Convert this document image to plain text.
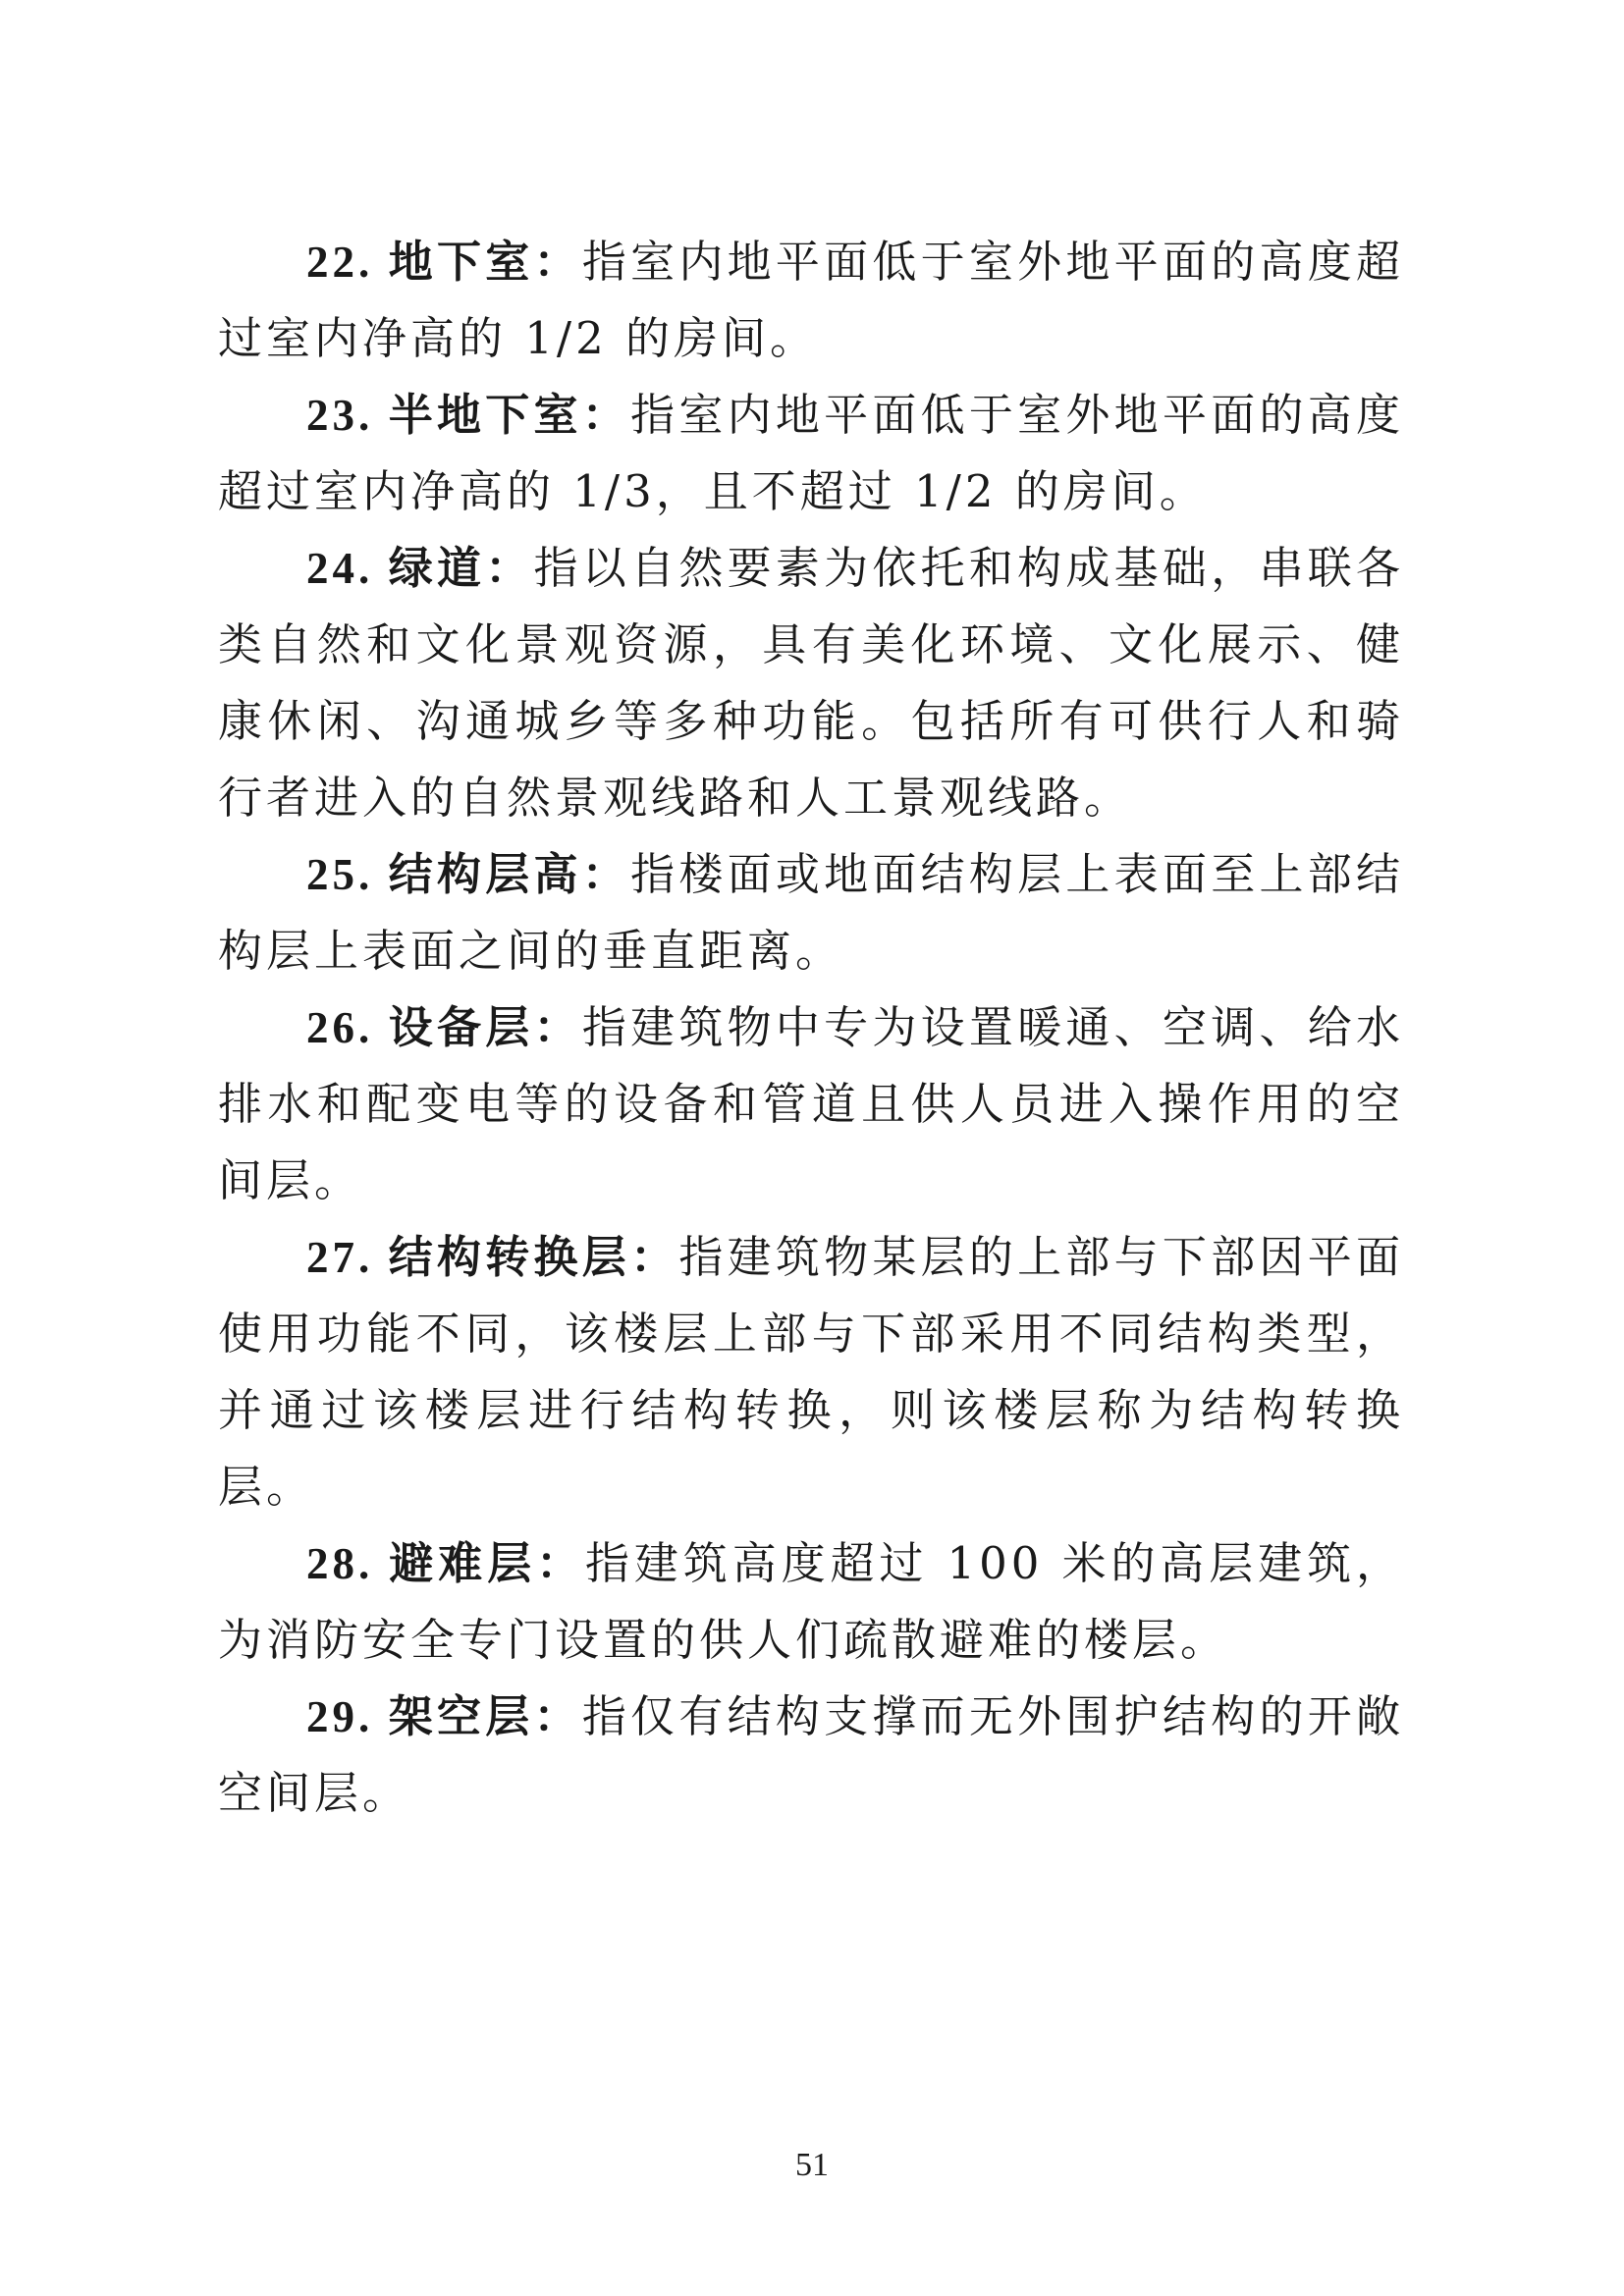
22. 地下室：指室内地平面低于室外地平面的高度超过室内净高的 1/2 的房间。

23. 半地下室：指室内地平面低于室外地平面的高度超过室内净高的 1/3，且不超过 1/2 的房间。

24. 绿道：指以自然要素为依托和构成基础，串联各类自然和文化景观资源，具有美化环境、文化展示、健康休闲、沟通城乡等多种功能。包括所有可供行人和骑行者进入的自然景观线路和人工景观线路。

25. 结构层高：指楼面或地面结构层上表面至上部结构层上表面之间的垂直距离。

26. 设备层：指建筑物中专为设置暖通、空调、给水排水和配变电等的设备和管道且供人员进入操作用的空间层。

27. 结构转换层：指建筑物某层的上部与下部因平面使用功能不同，该楼层上部与下部采用不同结构类型，并通过该楼层进行结构转换，则该楼层称为结构转换层。

28. 避难层：指建筑高度超过 100 米的高层建筑，为消防安全专门设置的供人们疏散避难的楼层。

29. 架空层：指仅有结构支撑而无外围护结构的开敞空间层。

51
